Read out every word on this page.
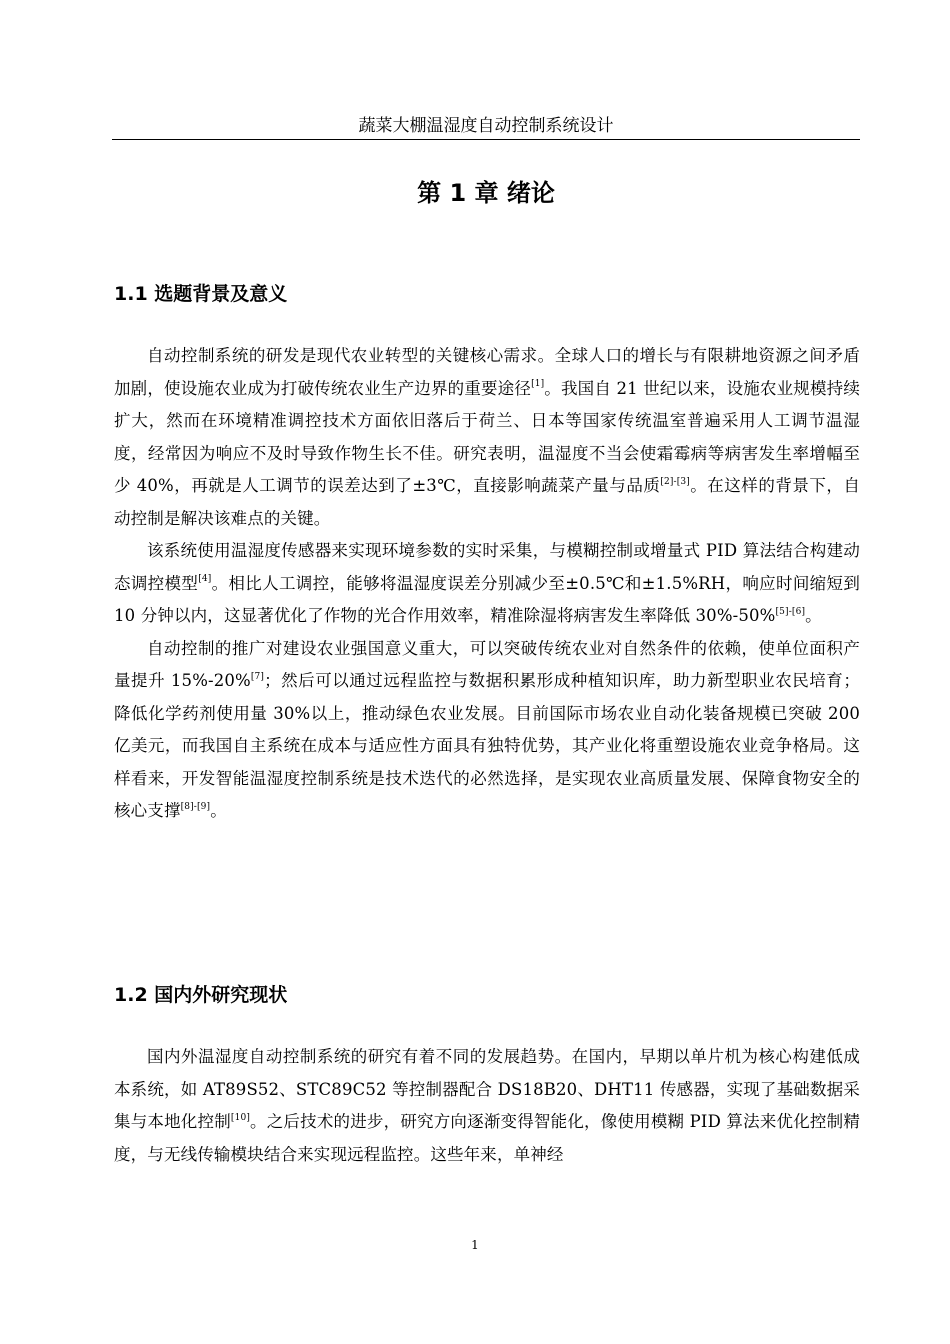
蔬菜大棚温湿度自动控制系统设计
第 1 章 绪论
1.1 选题背景及意义

自动控制系统的研发是现代农业转型的关键核心需求。全球人口的增长与有限耕地资源之间矛盾加剧，使设施农业成为打破传统农业生产边界的重要途径[1]。我国自 21 世纪以来，设施农业规模持续扩大，然而在环境精准调控技术方面依旧落后于荷兰、日本等国家传统温室普遍采用人工调节温湿度，经常因为响应不及时导致作物生长不佳。研究表明，温湿度不当会使霜霉病等病害发生率增幅至少 40%，再就是人工调节的误差达到了±3℃，直接影响蔬菜产量与品质[2]-[3]。在这样的背景下，自动控制是解决该难点的关键。

该系统使用温湿度传感器来实现环境参数的实时采集，与模糊控制或增量式 PID 算法结合构建动态调控模型[4]。相比人工调控，能够将温湿度误差分别减少至±0.5℃和±1.5%RH，响应时间缩短到 10 分钟以内，这显著优化了作物的光合作用效率，精准除湿将病害发生率降低 30%-50%[5]-[6]。

自动控制的推广对建设农业强国意义重大，可以突破传统农业对自然条件的依赖，使单位面积产量提升 15%-20%[7]；然后可以通过远程监控与数据积累形成种植知识库，助力新型职业农民培育；降低化学药剂使用量 30%以上，推动绿色农业发展。目前国际市场农业自动化装备规模已突破 200 亿美元，而我国自主系统在成本与适应性方面具有独特优势，其产业化将重塑设施农业竞争格局。这样看来，开发智能温湿度控制系统是技术迭代的必然选择，是实现农业高质量发展、保障食物安全的核心支撑[8]-[9]。

1.2 国内外研究现状

国内外温湿度自动控制系统的研究有着不同的发展趋势。在国内，早期以单片机为核心构建低成本系统，如 AT89S52、STC89C52 等控制器配合 DS18B20、DHT11 传感器，实现了基础数据采集与本地化控制[10]。之后技术的进步，研究方向逐渐变得智能化，像使用模糊 PID 算法来优化控制精度，与无线传输模块结合来实现远程监控。这些年来，单神经

1
